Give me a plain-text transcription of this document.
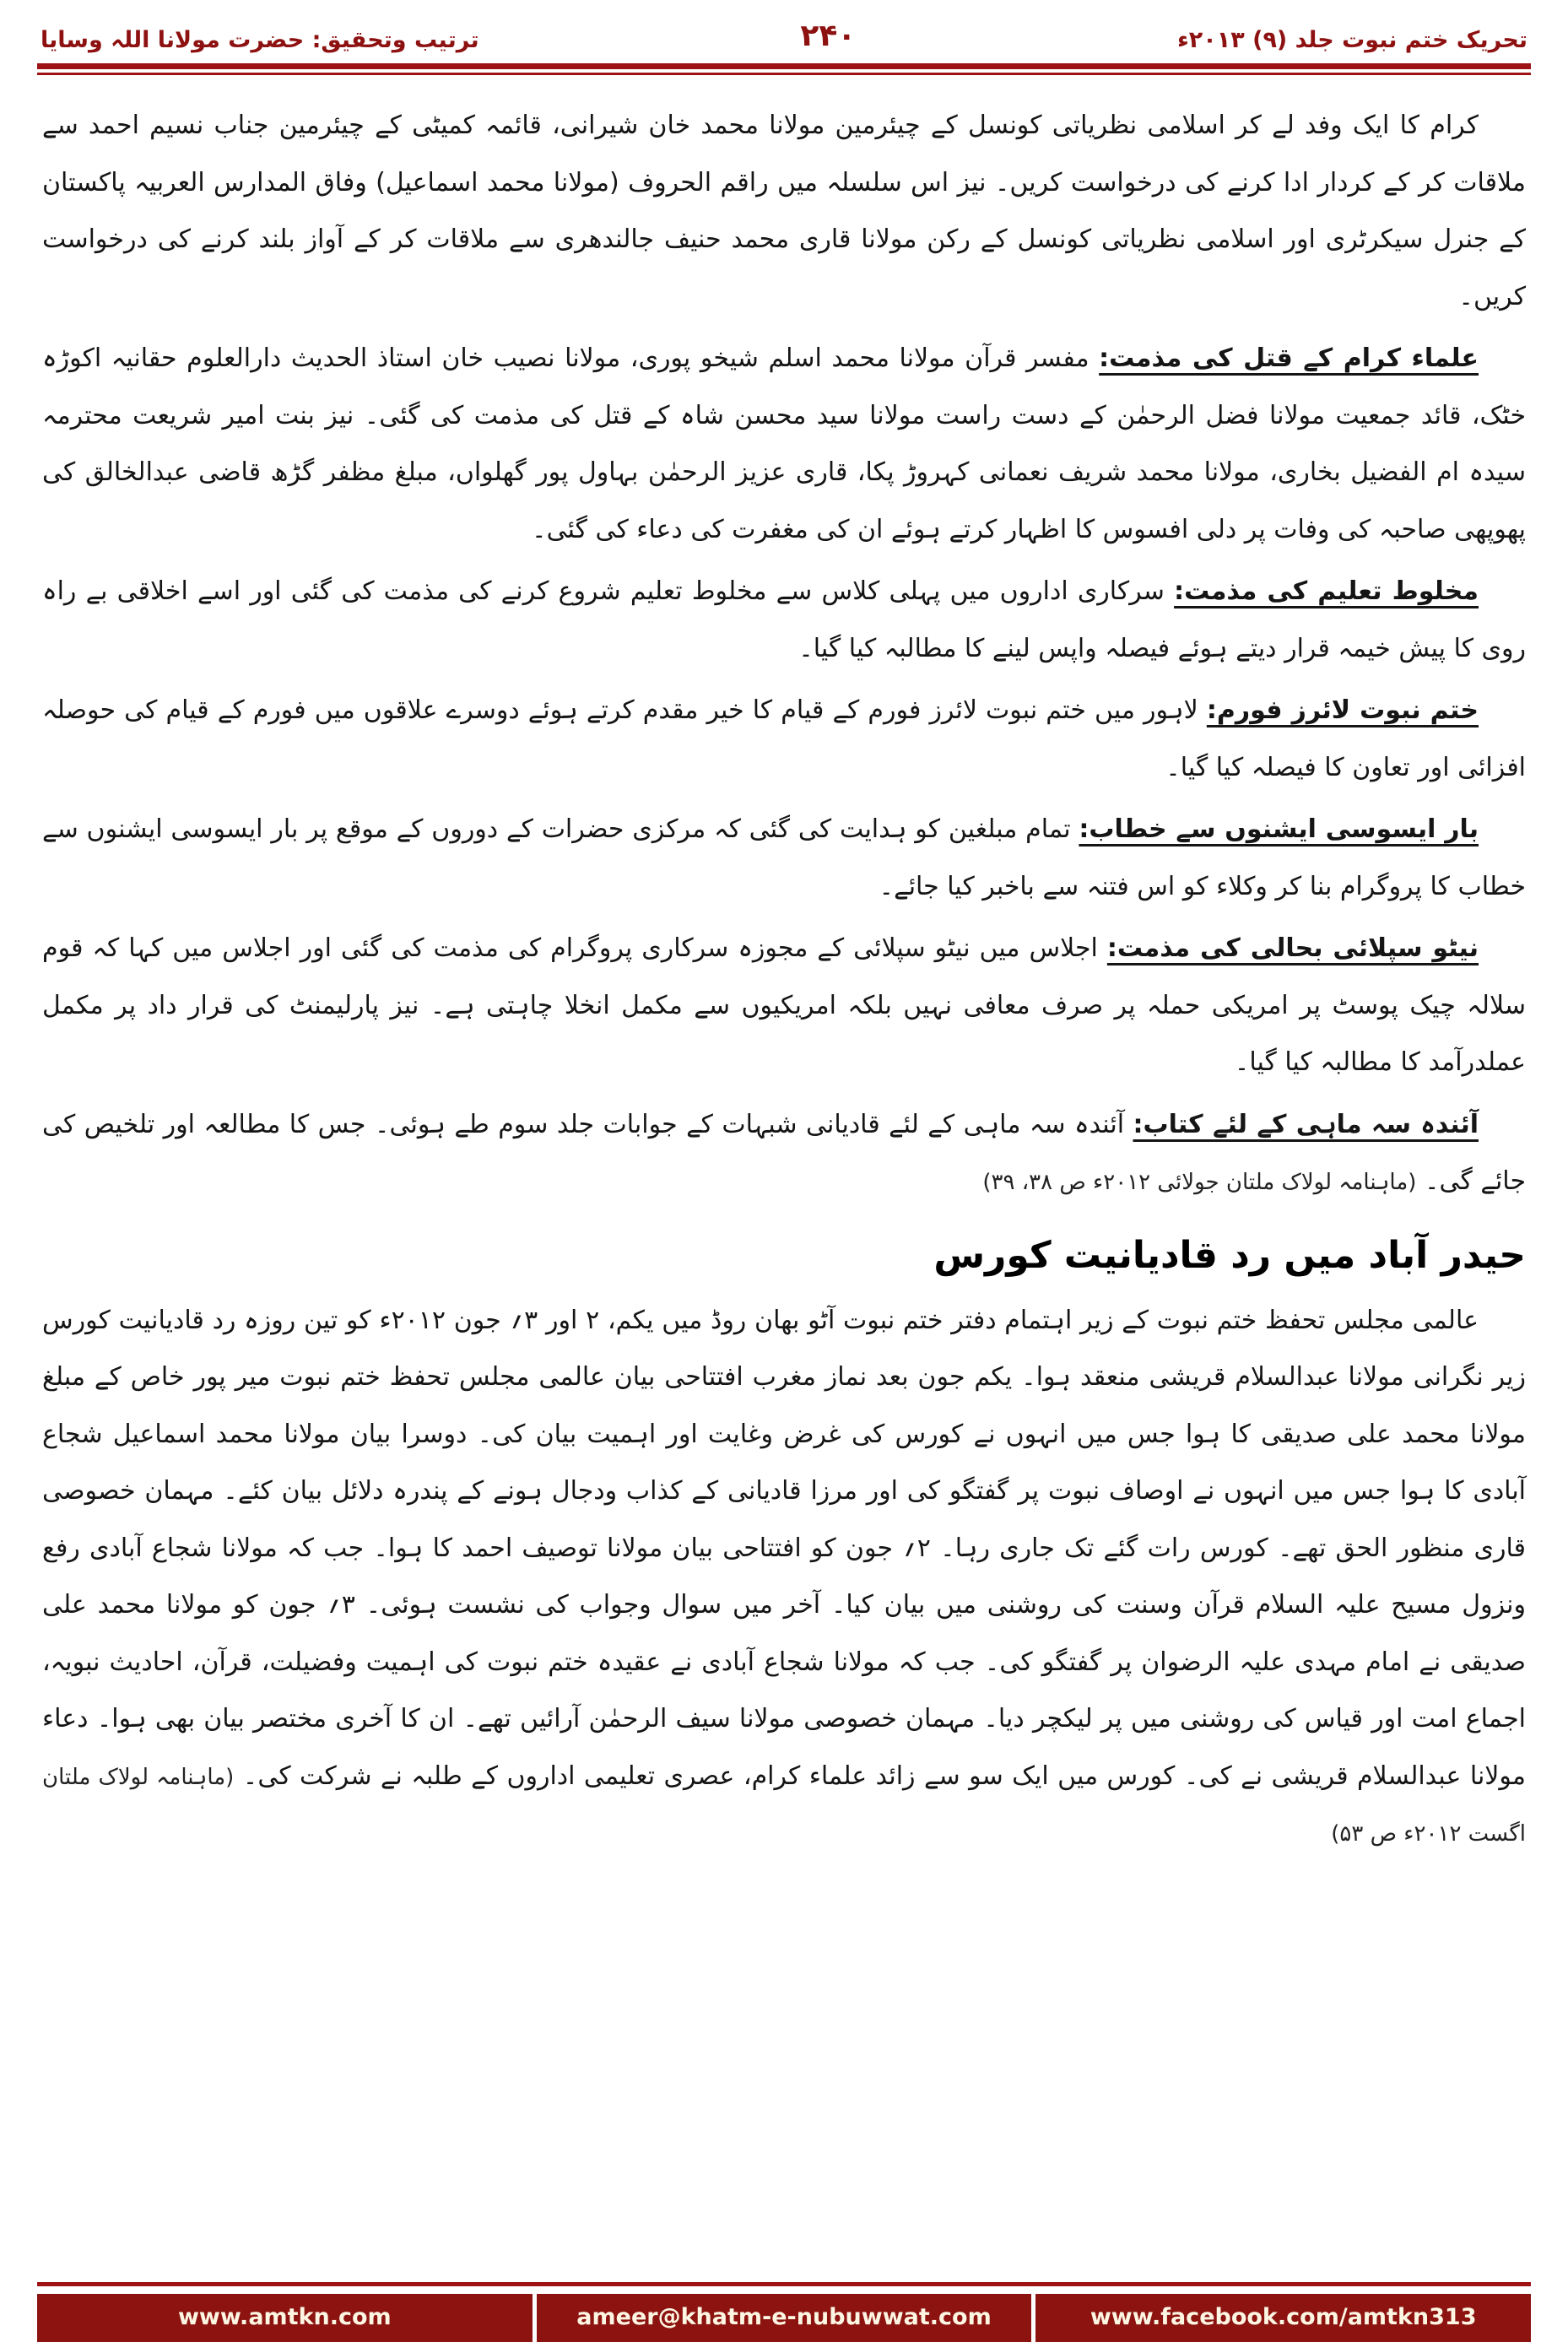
تحریک ختم نبوت جلد (۹) ۲۰۱۳ء
۲۴۰
ترتیب وتحقیق: حضرت مولانا اللہ وسایا

کرام کا ایک وفد لے کر اسلامی نظریاتی کونسل کے چیئرمین مولانا محمد خان شیرانی، قائمہ کمیٹی کے چیئرمین جناب نسیم احمد سے ملاقات کر کے کردار ادا کرنے کی درخواست کریں۔ نیز اس سلسلہ میں راقم الحروف (مولانا محمد اسماعیل) وفاق المدارس العربیہ پاکستان کے جنرل سیکرٹری اور اسلامی نظریاتی کونسل کے رکن مولانا قاری محمد حنیف جالندھری سے ملاقات کر کے آواز بلند کرنے کی درخواست کریں۔

علماء کرام کے قتل کی مذمت: مفسر قرآن مولانا محمد اسلم شیخو پوری، مولانا نصیب خان استاذ الحدیث دارالعلوم حقانیہ اکوڑہ خٹک، قائد جمعیت مولانا فضل الرحمٰن کے دست راست مولانا سید محسن شاہ کے قتل کی مذمت کی گئی۔ نیز بنت امیر شریعت محترمہ سیدہ ام الفضیل بخاری، مولانا محمد شریف نعمانی کہروڑ پکا، قاری عزیز الرحمٰن بہاول پور گھلواں، مبلغ مظفر گڑھ قاضی عبدالخالق کی پھوپھی صاحبہ کی وفات پر دلی افسوس کا اظہار کرتے ہوئے ان کی مغفرت کی دعاء کی گئی۔

مخلوط تعلیم کی مذمت: سرکاری اداروں میں پہلی کلاس سے مخلوط تعلیم شروع کرنے کی مذمت کی گئی اور اسے اخلاقی بے راہ روی کا پیش خیمہ قرار دیتے ہوئے فیصلہ واپس لینے کا مطالبہ کیا گیا۔

ختم نبوت لائرز فورم: لاہور میں ختم نبوت لائرز فورم کے قیام کا خیر مقدم کرتے ہوئے دوسرے علاقوں میں فورم کے قیام کی حوصلہ افزائی اور تعاون کا فیصلہ کیا گیا۔

بار ایسوسی ایشنوں سے خطاب: تمام مبلغین کو ہدایت کی گئی کہ مرکزی حضرات کے دوروں کے موقع پر بار ایسوسی ایشنوں سے خطاب کا پروگرام بنا کر وکلاء کو اس فتنہ سے باخبر کیا جائے۔

نیٹو سپلائی بحالی کی مذمت: اجلاس میں نیٹو سپلائی کے مجوزہ سرکاری پروگرام کی مذمت کی گئی اور اجلاس میں کہا کہ قوم سلالہ چیک پوسٹ پر امریکی حملہ پر صرف معافی نہیں بلکہ امریکیوں سے مکمل انخلا چاہتی ہے۔ نیز پارلیمنٹ کی قرار داد پر مکمل عملدرآمد کا مطالبہ کیا گیا۔

آئندہ سہ ماہی کے لئے کتاب: آئندہ سہ ماہی کے لئے قادیانی شبہات کے جوابات جلد سوم طے ہوئی۔ جس کا مطالعہ اور تلخیص کی جائے گی۔ (ماہنامہ لولاک ملتان جولائی ۲۰۱۲ء ص ۳۸، ۳۹)

حیدر آباد میں رد قادیانیت کورس

عالمی مجلس تحفظ ختم نبوت کے زیر اہتمام دفتر ختم نبوت آٹو بھان روڈ میں یکم، ۲ اور ۳؍ جون ۲۰۱۲ء کو تین روزہ رد قادیانیت کورس زیر نگرانی مولانا عبدالسلام قریشی منعقد ہوا۔ یکم جون بعد نماز مغرب افتتاحی بیان عالمی مجلس تحفظ ختم نبوت میر پور خاص کے مبلغ مولانا محمد علی صدیقی کا ہوا جس میں انہوں نے کورس کی غرض وغایت اور اہمیت بیان کی۔ دوسرا بیان مولانا محمد اسماعیل شجاع آبادی کا ہوا جس میں انہوں نے اوصاف نبوت پر گفتگو کی اور مرزا قادیانی کے کذاب ودجال ہونے کے پندرہ دلائل بیان کئے۔ مہمان خصوصی قاری منظور الحق تھے۔ کورس رات گئے تک جاری رہا۔ ۲؍ جون کو افتتاحی بیان مولانا توصیف احمد کا ہوا۔ جب کہ مولانا شجاع آبادی رفع ونزول مسیح علیہ السلام قرآن وسنت کی روشنی میں بیان کیا۔ آخر میں سوال وجواب کی نشست ہوئی۔ ۳؍ جون کو مولانا محمد علی صدیقی نے امام مہدی علیہ الرضوان پر گفتگو کی۔ جب کہ مولانا شجاع آبادی نے عقیدہ ختم نبوت کی اہمیت وفضیلت، قرآن، احادیث نبویہ، اجماع امت اور قیاس کی روشنی میں پر لیکچر دیا۔ مہمان خصوصی مولانا سیف الرحمٰن آرائیں تھے۔ ان کا آخری مختصر بیان بھی ہوا۔ دعاء مولانا عبدالسلام قریشی نے کی۔ کورس میں ایک سو سے زائد علماء کرام، عصری تعلیمی اداروں کے طلبہ نے شرکت کی۔ (ماہنامہ لولاک ملتان اگست ۲۰۱۲ء ص ۵۳)

www.amtkn.com	ameer@khatm-e-nubuwwat.com	www.facebook.com/amtkn313
